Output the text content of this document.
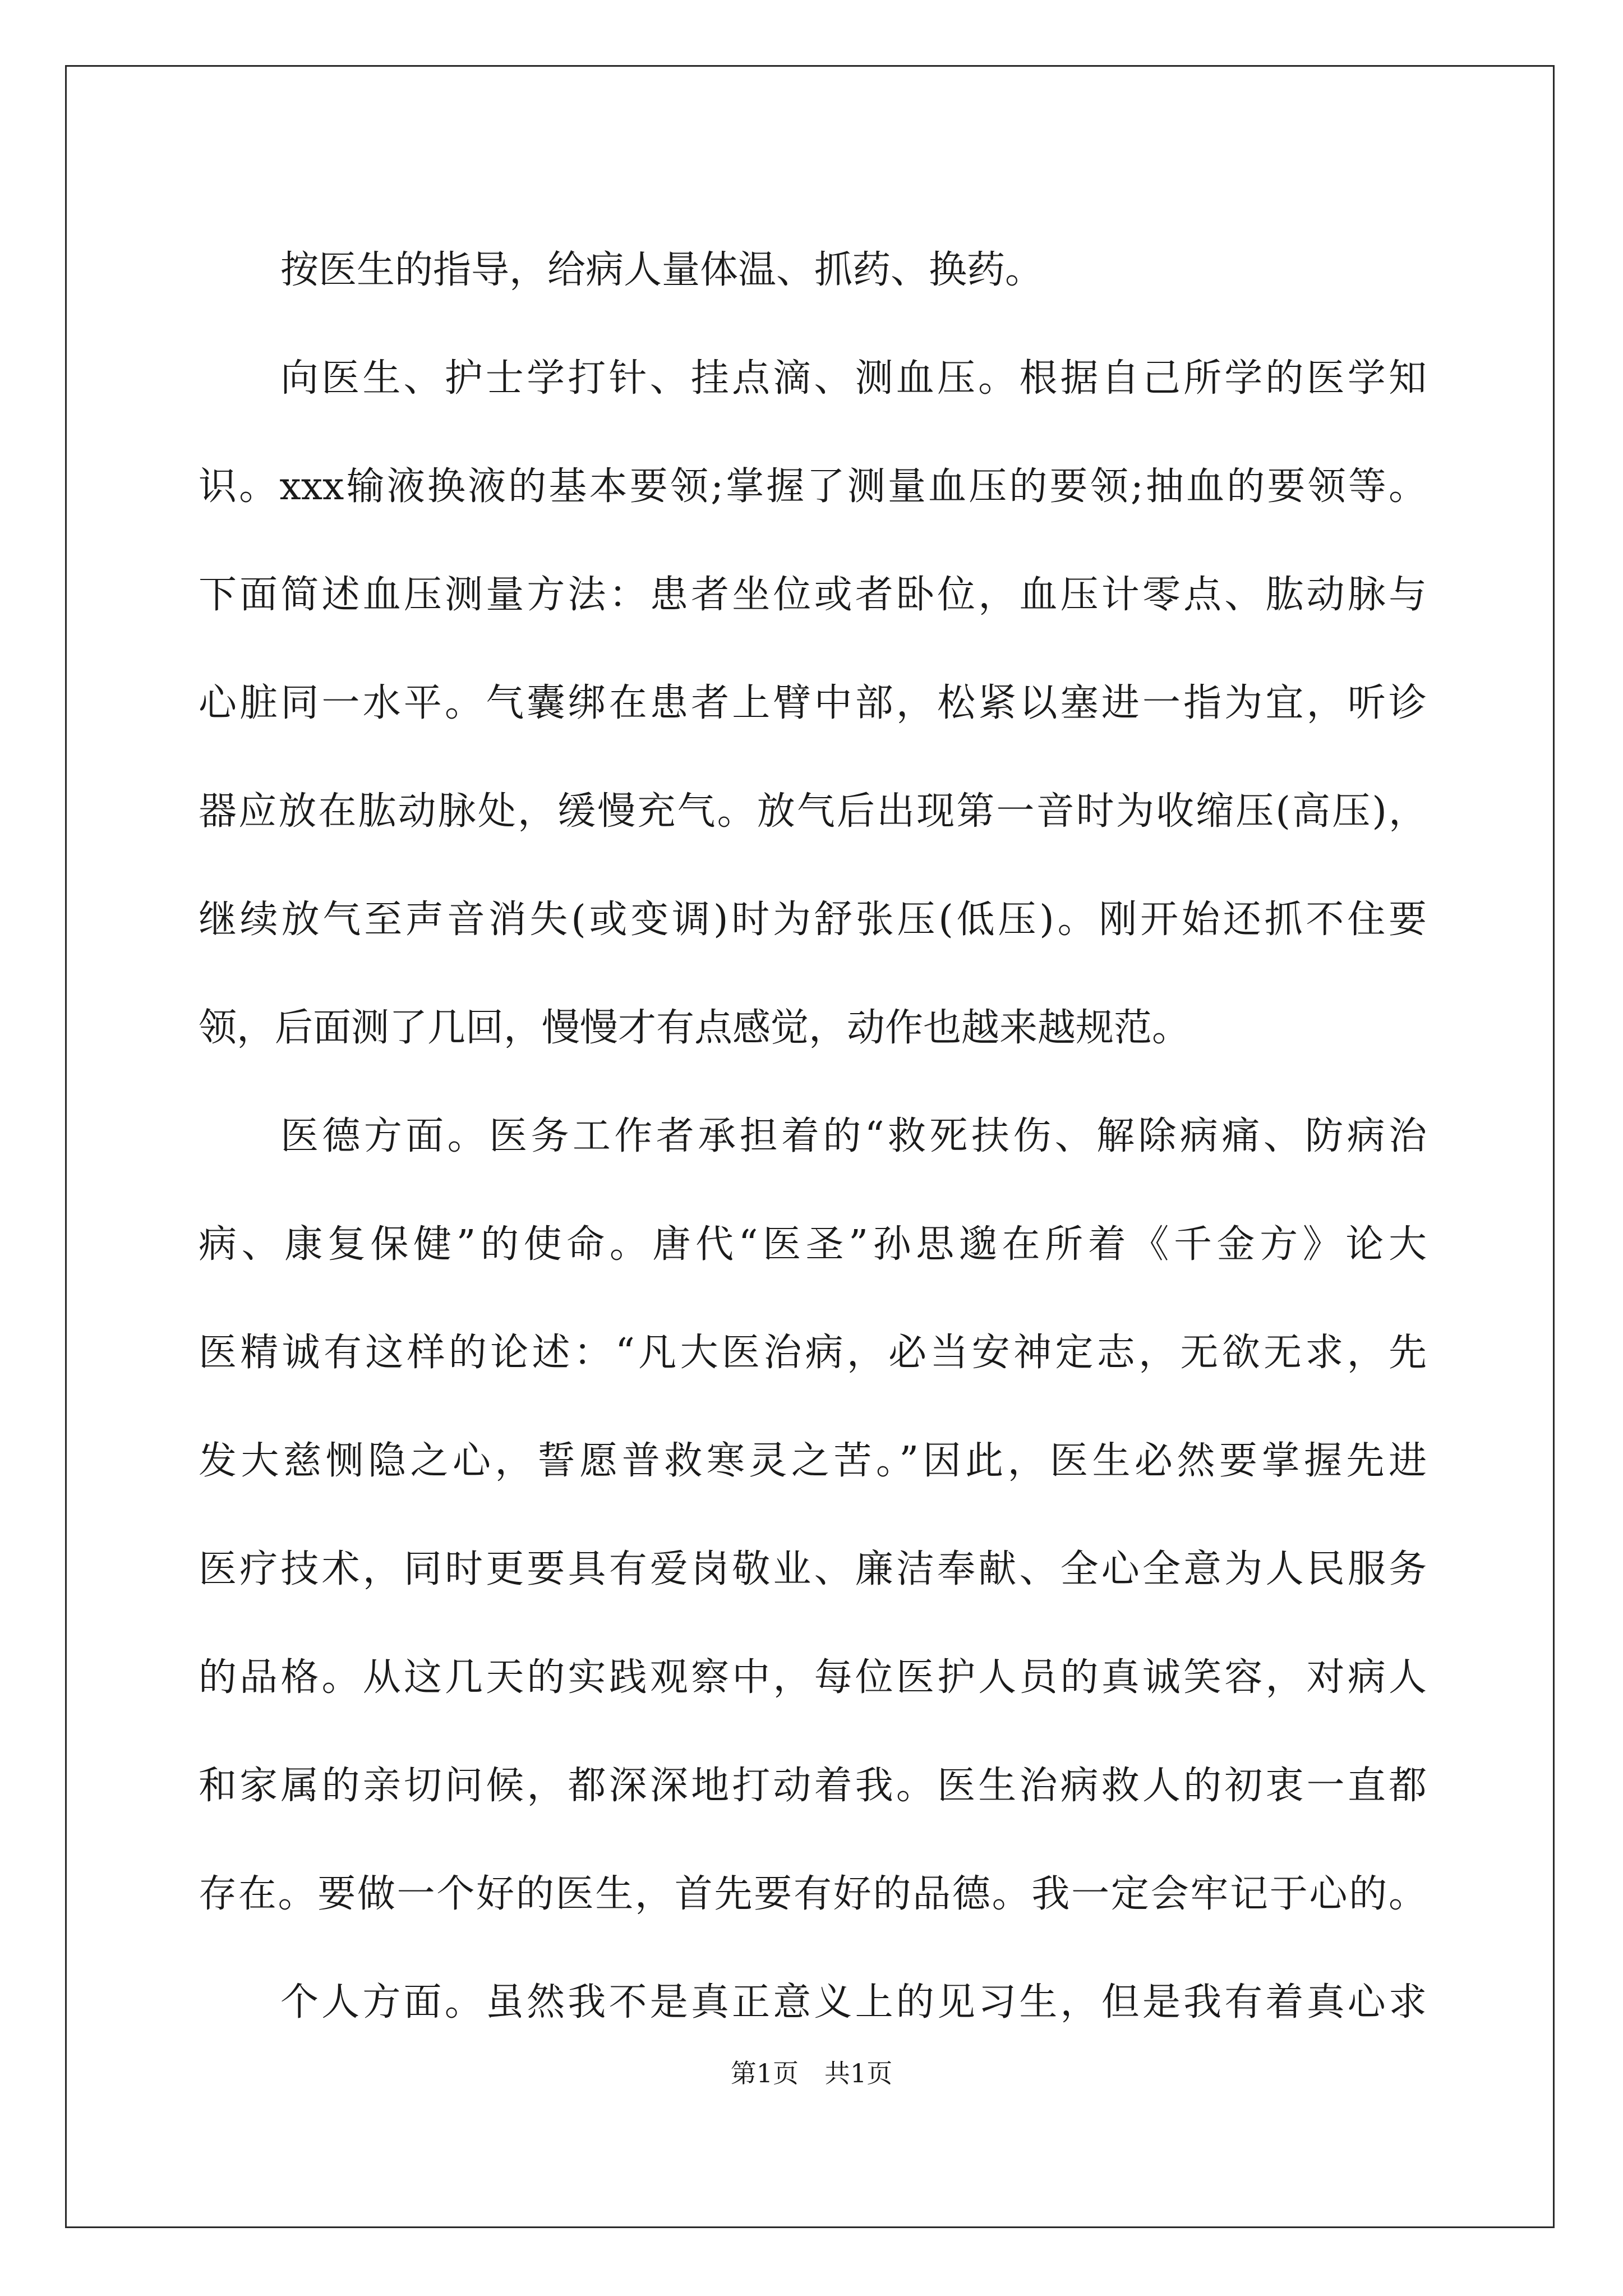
按医生的指导，给病人量体温、抓药、换药。
向医生、护士学打针、挂点滴、测血压。根据自己所学的医学知
识。xxx输液换液的基本要领;掌握了测量血压的要领;抽血的要领等。
下面简述血压测量方法：患者坐位或者卧位，血压计零点、肱动脉与
心脏同一水平。气囊绑在患者上臂中部，松紧以塞进一指为宜，听诊
器应放在肱动脉处，缓慢充气。放气后出现第一音时为收缩压(高压)，
继续放气至声音消失(或变调)时为舒张压(低压)。刚开始还抓不住要
领，后面测了几回，慢慢才有点感觉，动作也越来越规范。
医德方面。医务工作者承担着的“救死扶伤、解除病痛、防病治
病、康复保健”的使命。唐代“医圣”孙思邈在所着《千金方》论大
医精诚有这样的论述：“凡大医治病，必当安神定志，无欲无求，先
发大慈恻隐之心，誓愿普救寒灵之苦。”因此，医生必然要掌握先进
医疗技术，同时更要具有爱岗敬业、廉洁奉献、全心全意为人民服务
的品格。从这几天的实践观察中，每位医护人员的真诚笑容，对病人
和家属的亲切问候，都深深地打动着我。医生治病救人的初衷一直都
存在。要做一个好的医生，首先要有好的品德。我一定会牢记于心的。
个人方面。虽然我不是真正意义上的见习生，但是我有着真心求
第1页　共1页
